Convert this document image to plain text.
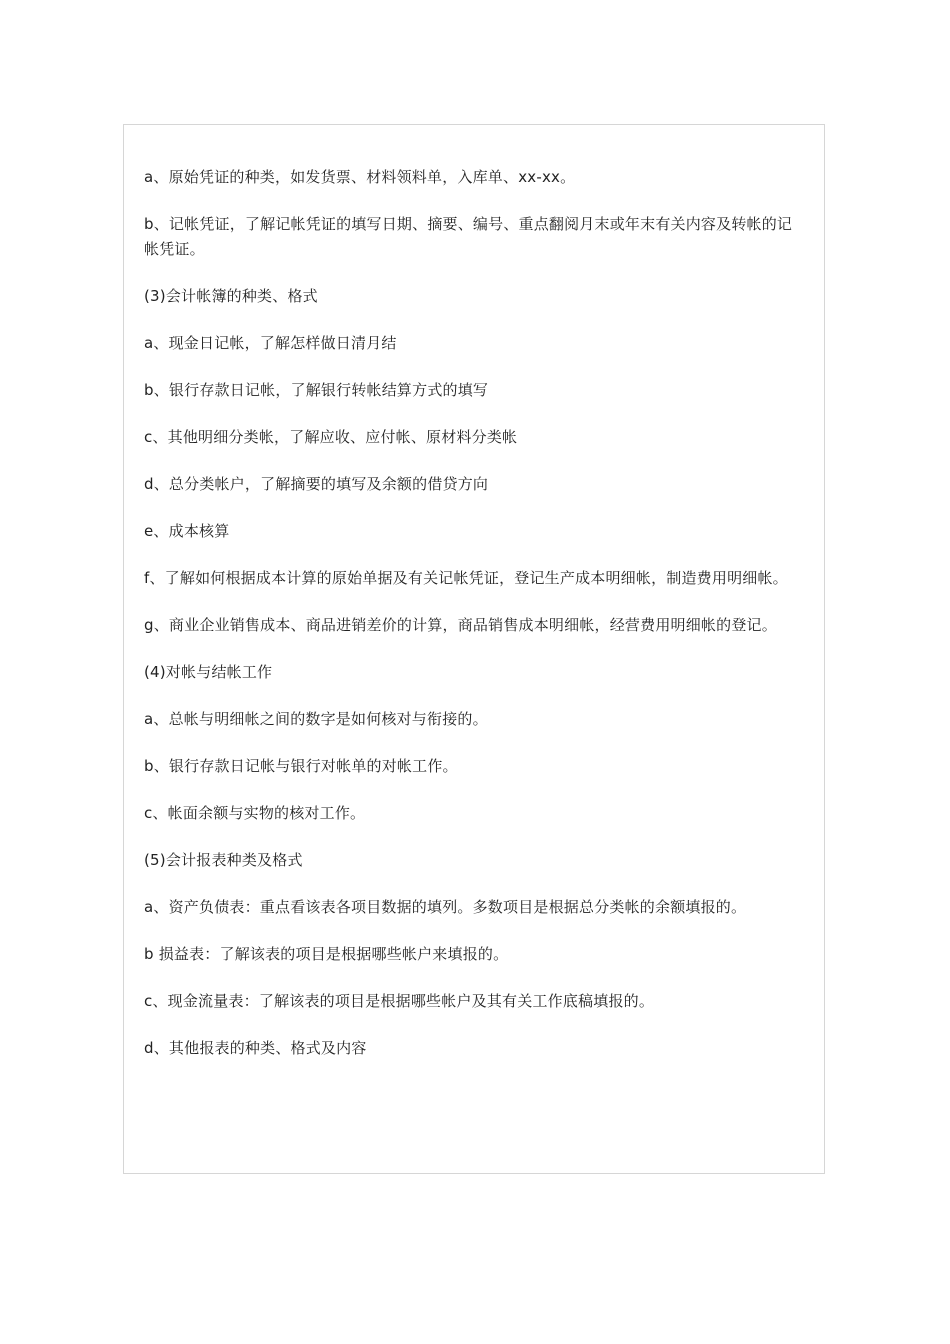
a、原始凭证的种类，如发货票、材料领料单，入库单、xx-xx。

b、记帐凭证，了解记帐凭证的填写日期、摘要、编号、重点翻阅月末或年末有关内容及转帐的记帐凭证。

(3)会计帐簿的种类、格式

a、现金日记帐，了解怎样做日清月结

b、银行存款日记帐，了解银行转帐结算方式的填写

c、其他明细分类帐，了解应收、应付帐、原材料分类帐

d、总分类帐户，了解摘要的填写及余额的借贷方向

e、成本核算

f、了解如何根据成本计算的原始单据及有关记帐凭证，登记生产成本明细帐，制造费用明细帐。

g、商业企业销售成本、商品进销差价的计算，商品销售成本明细帐，经营费用明细帐的登记。

(4)对帐与结帐工作

a、总帐与明细帐之间的数字是如何核对与衔接的。

b、银行存款日记帐与银行对帐单的对帐工作。

c、帐面余额与实物的核对工作。

(5)会计报表种类及格式

a、资产负债表：重点看该表各项目数据的填列。多数项目是根据总分类帐的余额填报的。

b 损益表：了解该表的项目是根据哪些帐户来填报的。

c、现金流量表：了解该表的项目是根据哪些帐户及其有关工作底稿填报的。

d、其他报表的种类、格式及内容
